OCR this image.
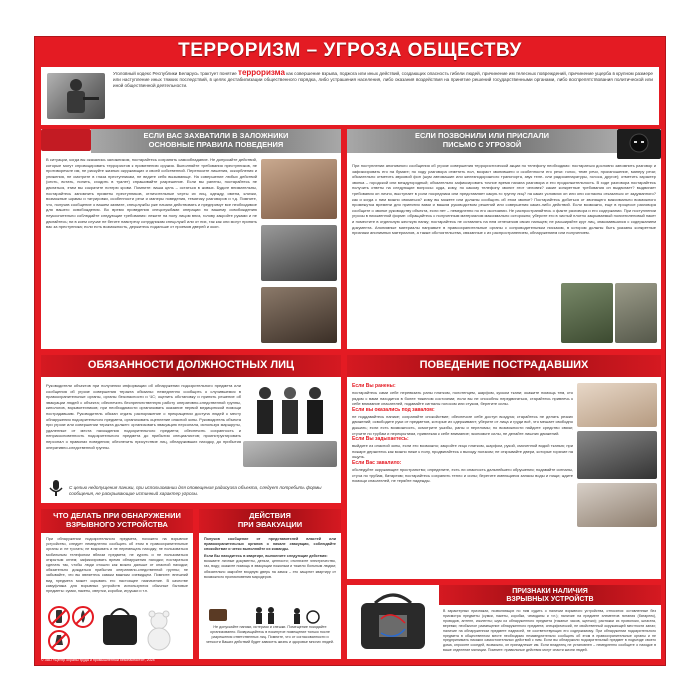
ТЕРРОРИЗМ – УГРОЗА ОБЩЕСТВУ
Уголовный кодекс Республики Беларусь трактует понятие терроризма как совершение взрыва, поджога или иных действий, создающих опасность гибели людей, причинение им телесных повреждений, причинение ущерба в крупном размере или наступление иных тяжких последствий, в целях дестабилизации общественного порядка, либо устрашения населения, либо оказания воздействия на принятие решений государственными органами, либо воспрепятствования политической или иной общественной деятельности.
ЕСЛИ ВАС ЗАХВАТИЛИ В ЗАЛОЖНИКИ
ОСНОВНЫЕ ПРАВИЛА ПОВЕДЕНИЯ
В ситуации, когда вы оказались заложником, постарайтесь сохранять самообладание. Не допускайте действий, которые могут спровоцировать террористов к применению оружия. Выполняйте требования преступников, не противоречьте им, не рискуйте жизнью окружающих и своей собственной. Переносите лишения, оскорбления и унижения, не смотрите в глаза преступникам, не ведите себя вызывающе. На совершение любых действий (сесть, встать, попить, сходить в туалет) спрашивайте разрешение. Если вы ранены, постарайтесь не двигаться, этим вы сократите потерю крови. Помните: ваша цель – остаться в живых. Будьте внимательны, постарайтесь запомнить приметы преступников, отличительные черты их лиц, одежду, имена, клички, возможные шрамы и татуировки, особенности речи и манеры поведения, тематику разговоров и т.д. Помните, что, получив сообщение о вашем захвате, спецслужбы уже начали действовать и предпримут все необходимое для вашего освобождения. Во время проведения спецслужбами операции по вашему освобождению неукоснительно соблюдайте следующие требования: лежите на полу лицом вниз, голову закройте руками и не двигайтесь; ни в коем случае не бегите навстречу сотрудникам спецслужб или от них, так как они могут принять вас за преступника; если есть возможность, держитесь подальше от проемов дверей и окон.
ЕСЛИ ПОЗВОНИЛИ ИЛИ ПРИСЛАЛИ
ПИСЬМО С УГРОЗОЙ
При поступлении анонимного сообщения об угрозе совершения террористической акции по телефону необходимо: постараться дословно запомнить разговор и зафиксировать его на бумаге; по ходу разговора отметить пол, возраст звонившего и особенности его речи: голос, темп речи, произношение, манеру речи; обязательно отметить звуковой фон (шум автомашин или железнодорожного транспорта, звук теле- или радиоаппаратуры, голоса, другое); отметить характер звонка – городской или междугородный; обязательно зафиксировать точное время начала разговора и его продолжительность. В ходе разговора постарайтесь получить ответы на следующие вопросы: куда, кому, по какому телефону звонит этот человек? какие конкретные требования он выдвигает? выдвигает требования он лично, выступает в роли посредника или представляет какую-то группу лиц? на каких условиях он или они согласны отказаться от задуманного? как и когда с ним можно связаться? кому вы можете или должны сообщить об этом звонке? Постарайтесь добиться от звонящего максимально возможного промежутка времени для принятия вами и вашим руководством решений или совершения каких-либо действий. Если возможно, еще в процессе разговора сообщите о звонке руководству объекта, если нет – немедленно по его окончании. Не распространяйтесь о факте разговора и его содержании. При поступлении угрозы в письменной форме: обращайтесь с полученным материалом максимально осторожно; уберите его в чистый плотно закрываемый полиэтиленовый пакет и поместите в отдельную жесткую папку; постарайтесь не оставлять на нем отпечатков своих пальцев; не расширяйте круг лиц, знакомившихся с содержанием документа. Анонимные материалы направьте в правоохранительные органы с сопроводительным письмом, в котором должны быть указаны конкретные признаки анонимных материалов, а также обстоятельства, связанные с их распространением, обнаружением или получением.
ОБЯЗАННОСТИ ДОЛЖНОСТНЫХ ЛИЦ
Руководители объектов при получении информации об обнаружении подозрительного предмета или сообщения об угрозе совершения теракта обязаны: немедленно сообщить о случившемся в правоохранительные органы, органы безопасности и ЧС; оценить обстановку и принять решение об эвакуации людей с объекта; обеспечить беспрепятственную работу оперативно-следственной группы, кинологов, взрывотехников; при необходимости организовать оказание первой медицинской помощи пострадавшим. Руководитель обязан отдать распоряжение о прекращении доступа людей к месту обнаружения подозрительного предмета, организовать оцепление опасной зоны. Руководитель объекта при угрозе или совершении теракта должен: организовать эвакуацию персонала, используя маршруты, удаленные от места нахождения подозрительного предмета; обеспечить сохранность и неприкосновенность подозрительного предмета до прибытия специалистов; проинструктировать персонал о правилах поведения; обеспечить присутствие лиц, обнаруживших находку, до прибытия оперативно-следственной группы.
С целью недопущения паники, при использовании для оповещения радиоузла объекта, следует потребить формы сообщения, не раскрывающие истинный характер угрозы.
ПОВЕДЕНИЕ ПОСТРАДАВШИХ
Если Вы ранены:
постарайтесь сами себе перевязать раны платком, полотенцем, шарфом, куском ткани; окажите помощь тем, кто рядом с вами находится в более тяжелом состоянии; если вы не способны передвигаться, старайтесь привлечь к себе внимание спасателей, подавайте сигналы голосом или стуком, берегите силы.
Если вы оказались под завалом:
не поддавайтесь панике; сохраняйте спокойствие; обеспечьте себе доступ воздуха; старайтесь не делать резких движений; освободите руки от предметов, которые их сдерживают; уберите от лица и груди всё, что мешает свободно дышать; если есть возможность, осмотрите ушибы, раны и переломы; по возможности найдите средство связи; стучите по трубам и перекрытиям, привлекая к себе внимание; экономьте силы, не делайте лишних движений.
Если Вы задыхаетесь:
выйдите из опасной зоны, если это возможно; закройте лицо платком, шарфом, рукой, смоченной водой тканью; при пожаре держитесь как можно ниже к полу, продвигайтесь к выходу ползком; не открывайте двери, которые горячие на ощупь.
Если Вас завалило:
обследуйте окружающее пространство; определите, есть ли опасность дальнейшего обрушения; подавайте сигналы, стуча по трубам, батареям; постарайтесь сохранить тепло и силы; берегите имеющиеся запасы воды и пищи; ждите помощи спасателей, не теряйте надежды.
ЧТО ДЕЛАТЬ ПРИ ОБНАРУЖЕНИИ
ВЗРЫВНОГО УСТРОЙСТВА
При обнаружении подозрительного предмета, похожего на взрывное устройство, следует немедленно сообщить об этом в правоохранительные органы и: не трогать; не вскрывать и не перемещать находку; не пользоваться мобильным телефоном вблизи предмета; не курить и не пользоваться открытым огнем; зафиксировать время обнаружения находки; постараться сделать так, чтобы люди отошли как можно дальше от опасной находки; обязательно дождаться прибытия оперативно-следственной группы; не забывайте, что вы являетесь самым важным очевидцем. Помните: внешний вид предмета может скрывать его настоящее назначение. В качестве камуфляжа для взрывных устройств используются обычные бытовые предметы: сумки, пакеты, свертки, коробки, игрушки и т.п.
ДЕЙСТВИЯ
ПРИ ЭВАКУАЦИИ
Получив сообщение от представителей властей или правоохранительных органов о начале эвакуации, соблюдайте спокойствие и четко выполняйте их команды.
Если Вы находитесь в квартире, выполните следующие действия:
возьмите личные документы, деньги, ценности; отключите электричество, газ, воду; окажите помощь в эвакуации пожилым и тяжело больным людям; обязательно закройте входную дверь на замок – это защитит квартиру от возможного проникновения мародеров.
Не допускайте паники, истерики и спешки. Помещение покидайте организованно. Возвращайтесь в покинутое помещение только после разрешения ответственных лиц. Помните, что от согласованности и четкости Ваших действий будет зависеть жизнь и здоровье многих людей.
ПРИЗНАКИ НАЛИЧИЯ
ВЗРЫВНЫХ УСТРОЙСТВ
В характерных признаках, позволяющих по ним судить о наличии взрывного устройства, относятся: оставленные без присмотра предметы (сумки, пакеты, коробки, чемоданы и т.п.); наличие на предмете элементов питания (батареек), проводов, антенн, изоленты; шум из обнаруженного предмета (тиканье часов, щелчки); растяжки из проволоки, шпагата, веревки; необычное размещение обнаруженного предмета; специфический, не свойственный окружающей местности запах; наличие на обнаруженном предмете надписей, не соответствующих его содержимому. При обнаружении подозрительного предмета в общественном месте необходимо незамедлительно сообщить об этом в правоохранительные органы и не предпринимать никаких самостоятельных действий с ним. Если вы обнаружили подозрительный предмет в подъезде своего дома, опросите соседей, возможно, он принадлежит им. Если владелец не установлен – немедленно сообщите о находке в ваше отделение милиции. Помните: правильные действия могут спасти жизни людей.
© ЗАО «Центр охраны труда и промышленной безопасности», 2024
